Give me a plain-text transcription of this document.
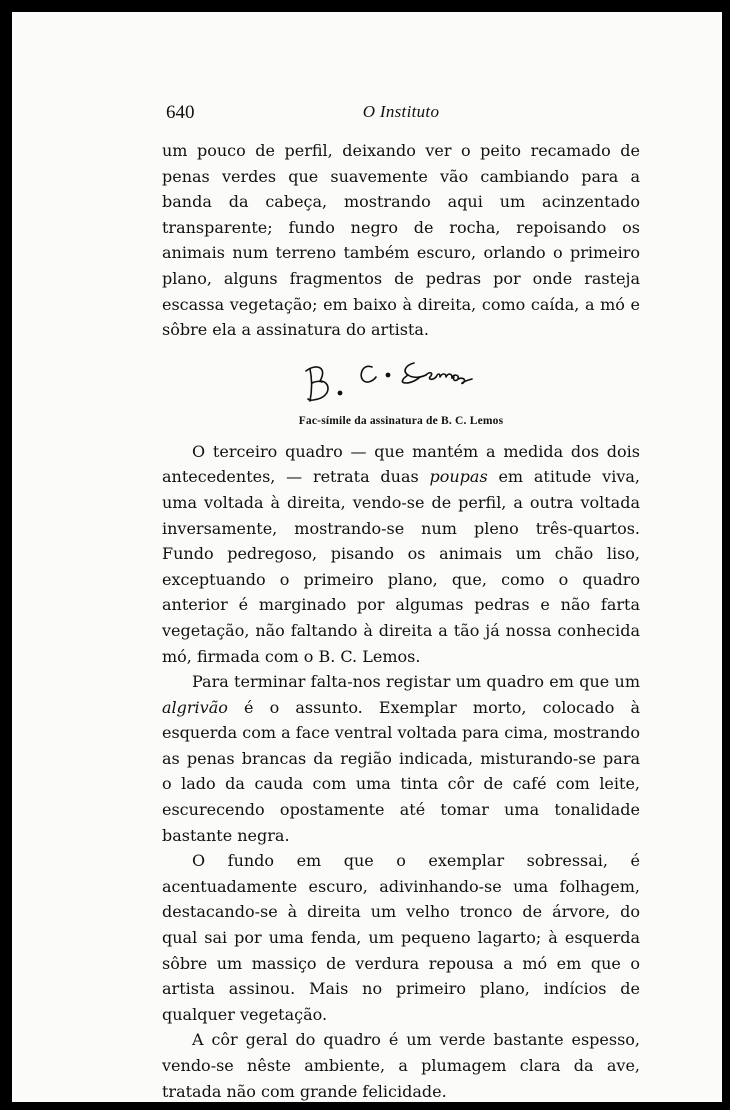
640	O Instituto

um pouco de perfil, deixando ver o peito recamado de penas verdes que suavemente vão cambiando para a banda da cabeça, mostrando aqui um acinzentado transparente; fundo negro de rocha, repoisando os animais num terreno também escuro, orlando o primeiro plano, alguns fragmentos de pedras por onde rasteja escassa vegetação; em baixo à direita, como caída, a mó e sôbre ela a assinatura do artista.

Fac-símile da assinatura de B. C. Lemos

O terceiro quadro — que mantém a medida dos dois antecedentes, — retrata duas poupas em atitude viva, uma voltada à direita, vendo-se de perfil, a outra voltada inversamente, mostrando-se num pleno três-quartos. Fundo pedregoso, pisando os animais um chão liso, exceptuando o primeiro plano, que, como o quadro anterior é marginado por algumas pedras e não farta vegetação, não faltando à direita a tão já nossa conhecida mó, firmada com o B. C. Lemos.

Para terminar falta-nos registar um quadro em que um algrivão é o assunto. Exemplar morto, colocado à esquerda com a face ventral voltada para cima, mostrando as penas brancas da região indicada, misturando-se para o lado da cauda com uma tinta côr de café com leite, escurecendo opostamente até tomar uma tonalidade bastante negra.

O fundo em que o exemplar sobressai, é acentuadamente escuro, adivinhando-se uma folhagem, destacando-se à direita um velho tronco de árvore, do qual sai por uma fenda, um pequeno lagarto; à esquerda sôbre um massiço de verdura repousa a mó em que o artista assinou. Mais no primeiro plano, indícios de qualquer vegetação.

A côr geral do quadro é um verde bastante espesso, vendo-se nêste ambiente, a plumagem clara da ave, tratada não com grande felicidade.
